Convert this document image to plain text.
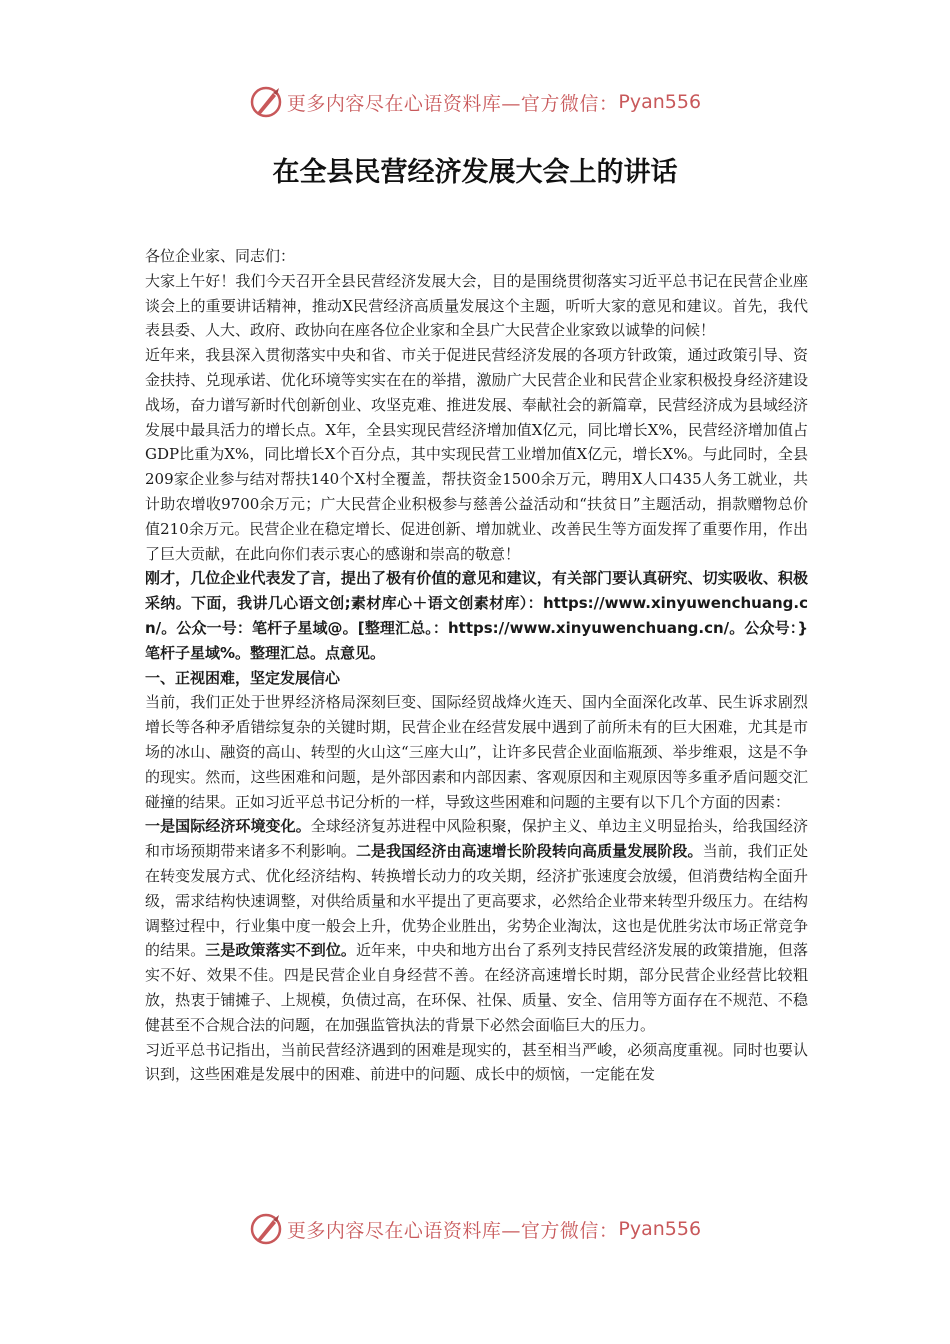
更多内容尽在心语资料库—官方微信： Pyan556
在全县民营经济发展大会上的讲话

各位企业家、同志们：

大家上午好！我们今天召开全县民营经济发展大会，目的是围绕贯彻落实习近平总书记在民营企业座谈会上的重要讲话精神，推动X民营经济高质量发展这个主题，听听大家的意见和建议。首先，我代表县委、人大、政府、政协向在座各位企业家和全县广大民营企业家致以诚挚的问候！

近年来，我县深入贯彻落实中央和省、市关于促进民营经济发展的各项方针政策，通过政策引导、资金扶持、兑现承诺、优化环境等实实在在的举措，激励广大民营企业和民营企业家积极投身经济建设战场，奋力谱写新时代创新创业、攻坚克难、推进发展、奉献社会的新篇章，民营经济成为县域经济发展中最具活力的增长点。X年，全县实现民营经济增加值X亿元，同比增长X%，民营经济增加值占GDP比重为X%，同比增长X个百分点，其中实现民营工业增加值X亿元，增长X%。与此同时，全县209家企业参与结对帮扶140个X村全覆盖，帮扶资金1500余万元，聘用X人口435人务工就业，共计助农增收9700余万元；广大民营企业积极参与慈善公益活动和“扶贫日”主题活动，捐款赠物总价值210余万元。民营企业在稳定增长、促进创新、增加就业、改善民生等方面发挥了重要作用，作出了巨大贡献，在此向你们表示衷心的感谢和崇高的敬意！

刚才，几位企业代表发了言，提出了极有价值的意见和建议，有关部门要认真研究、切实吸收、积极采纳。下面，我讲几心语文创;素材库心＋语文创素材库）：https://www.xinyuwenchuang.cn/。公众一号：笔杆子星域@。[整理汇总。：https://www.xinyuwenchuang.cn/。公众号：}笔杆子星域%。整理汇总。点意见。

一、正视困难，坚定发展信心

当前，我们正处于世界经济格局深刻巨变、国际经贸战烽火连天、国内全面深化改革、民生诉求剧烈增长等各种矛盾错综复杂的关键时期，民营企业在经营发展中遇到了前所未有的巨大困难，尤其是市场的冰山、融资的高山、转型的火山这“三座大山”，让许多民营企业面临瓶颈、举步维艰，这是不争的现实。然而，这些困难和问题，是外部因素和内部因素、客观原因和主观原因等多重矛盾问题交汇碰撞的结果。正如习近平总书记分析的一样，导致这些困难和问题的主要有以下几个方面的因素：

一是国际经济环境变化。全球经济复苏进程中风险积聚，保护主义、单边主义明显抬头，给我国经济和市场预期带来诸多不利影响。二是我国经济由高速增长阶段转向高质量发展阶段。当前，我们正处在转变发展方式、优化经济结构、转换增长动力的攻关期，经济扩张速度会放缓，但消费结构全面升级，需求结构快速调整，对供给质量和水平提出了更高要求，必然给企业带来转型升级压力。在结构调整过程中，行业集中度一般会上升，优势企业胜出，劣势企业淘汰，这也是优胜劣汰市场正常竞争的结果。三是政策落实不到位。近年来，中央和地方出台了系列支持民营经济发展的政策措施，但落实不好、效果不佳。四是民营企业自身经营不善。在经济高速增长时期，部分民营企业经营比较粗放，热衷于铺摊子、上规模，负债过高，在环保、社保、质量、安全、信用等方面存在不规范、不稳健甚至不合规合法的问题，在加强监管执法的背景下必然会面临巨大的压力。

习近平总书记指出，当前民营经济遇到的困难是现实的，甚至相当严峻，必须高度重视。同时也要认识到，这些困难是发展中的困难、前进中的问题、成长中的烦恼，一定能在发

更多内容尽在心语资料库—官方微信： Pyan556
